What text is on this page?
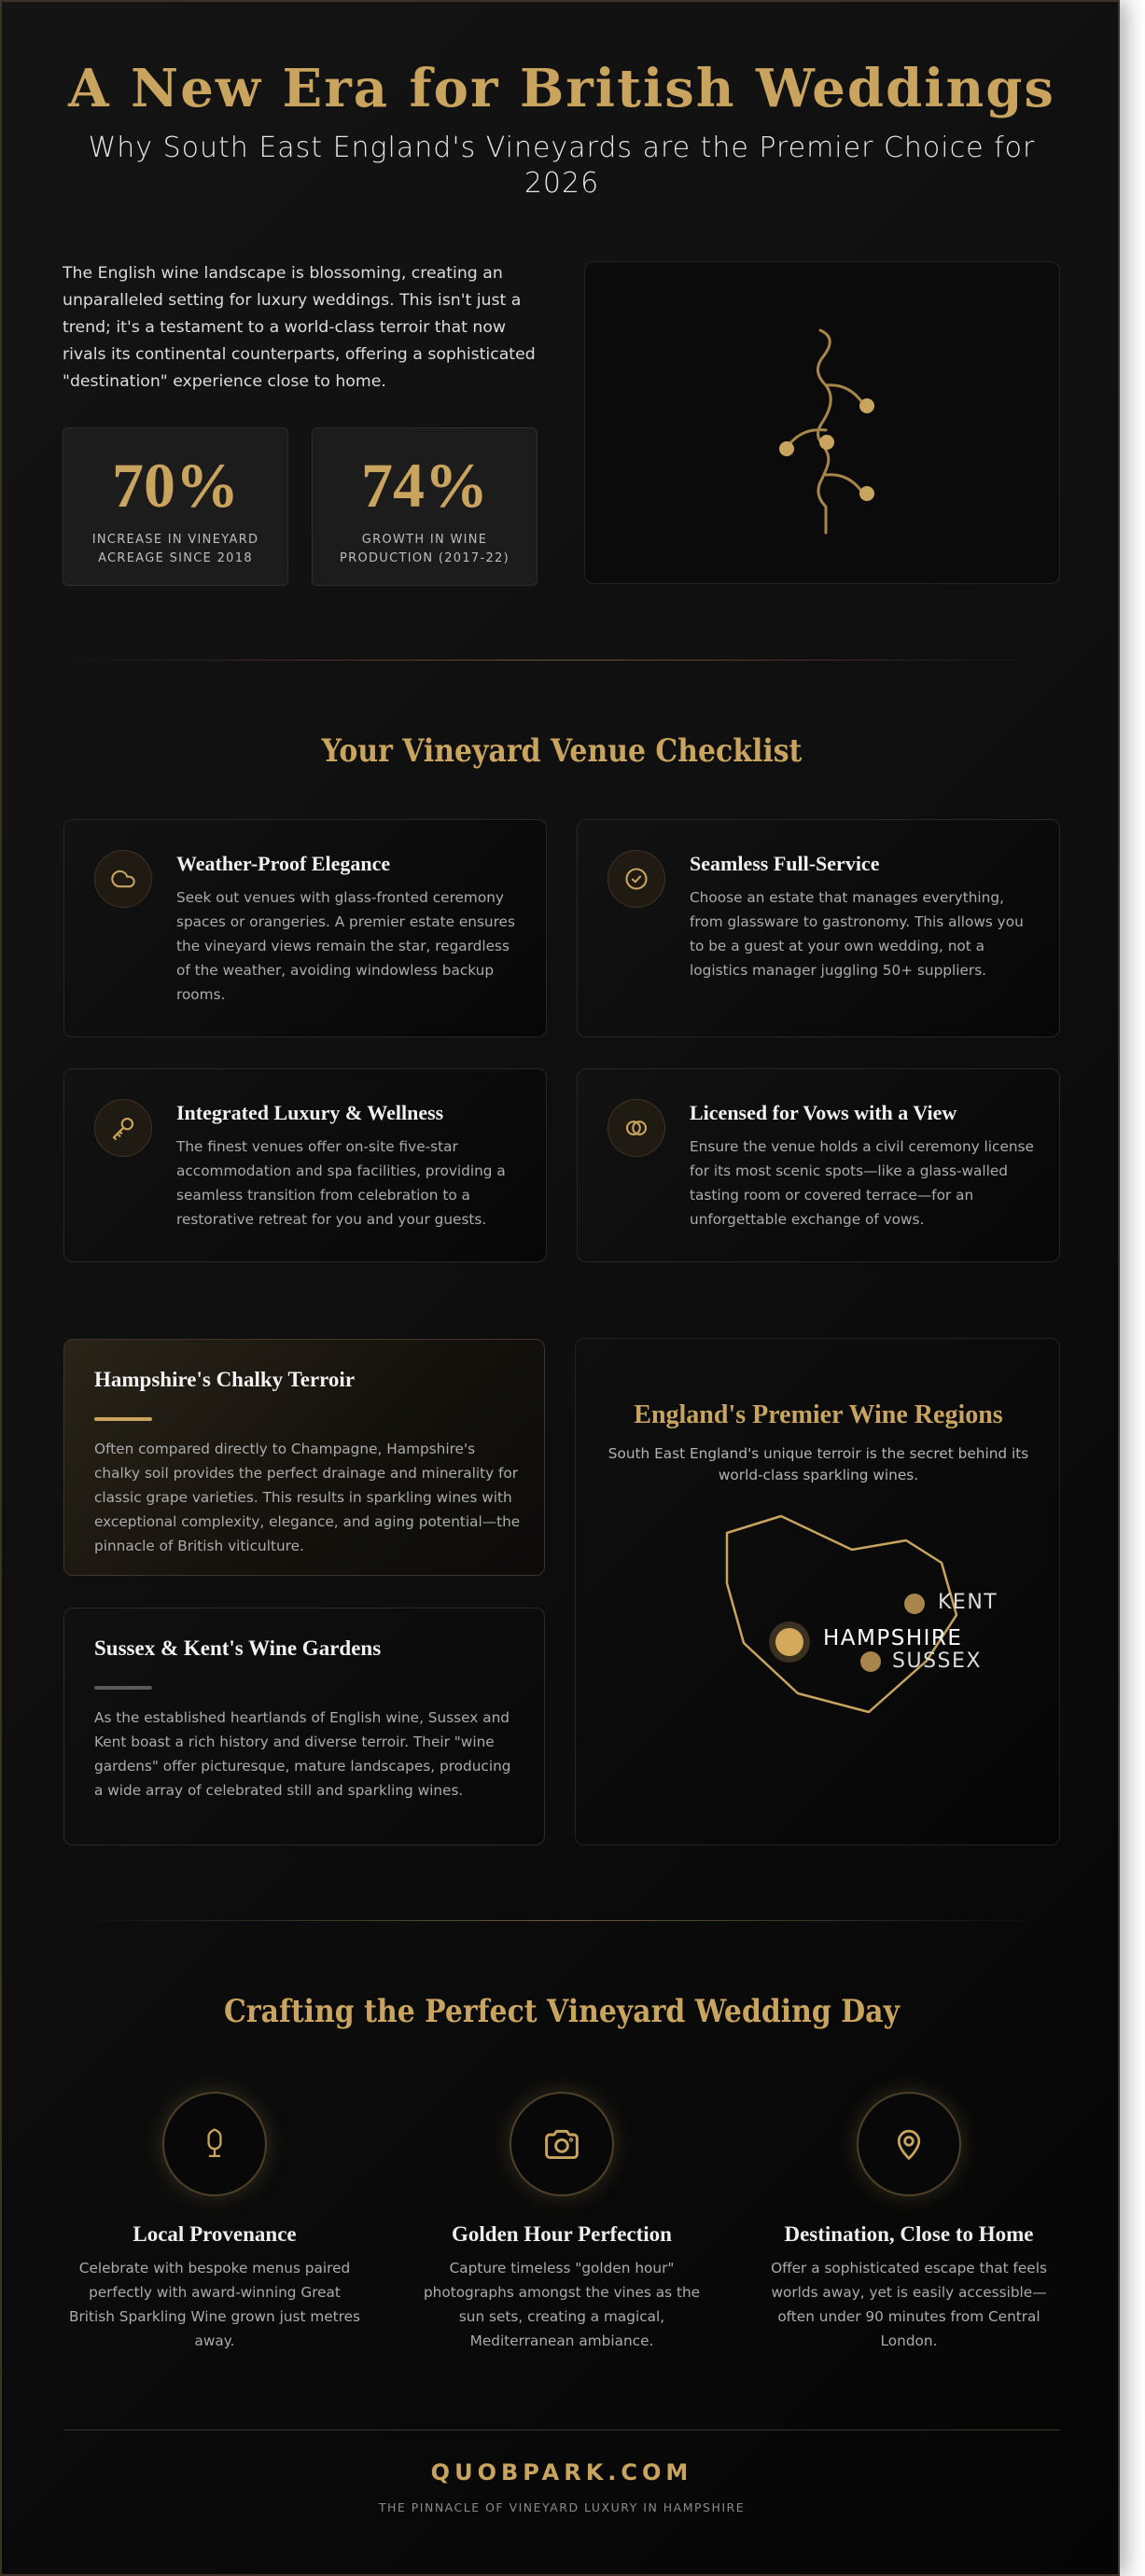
A New Era for British Weddings
Why South East England's Vineyards are the Premier Choice for 2026

The English wine landscape is blossoming, creating an unparalleled setting for luxury weddings. This isn't just a trend; it's a testament to a world-class terroir that now rivals its continental counterparts, offering a sophisticated "destination" experience close to home.

70%
INCREASE IN VINEYARD ACREAGE SINCE 2018
74%
GROWTH IN WINE PRODUCTION (2017-22)
Your Vineyard Venue Checklist
Weather-Proof Elegance

Seek out venues with glass-fronted ceremony spaces or orangeries. A premier estate ensures the vineyard views remain the star, regardless of the weather, avoiding windowless backup rooms.

Seamless Full-Service

Choose an estate that manages everything, from glassware to gastronomy. This allows you to be a guest at your own wedding, not a logistics manager juggling 50+ suppliers.

Integrated Luxury & Wellness

The finest venues offer on-site five-star accommodation and spa facilities, providing a seamless transition from celebration to a restorative retreat for you and your guests.

Licensed for Vows with a View

Ensure the venue holds a civil ceremony license for its most scenic spots—like a glass-walled tasting room or covered terrace—for an unforgettable exchange of vows.

Hampshire's Chalky Terroir

Often compared directly to Champagne, Hampshire's chalky soil provides the perfect drainage and minerality for classic grape varieties. This results in sparkling wines with exceptional complexity, elegance, and aging potential—the pinnacle of British viticulture.

Sussex & Kent's Wine Gardens

As the established heartlands of English wine, Sussex and Kent boast a rich history and diverse terroir. Their "wine gardens" offer picturesque, mature landscapes, producing a wide array of celebrated still and sparkling wines.

England's Premier Wine Regions

South East England's unique terroir is the secret behind its world-class sparkling wines.

KENT
HAMPSHIRE
SUSSEX
Crafting the Perfect Vineyard Wedding Day
Local Provenance

Celebrate with bespoke menus paired perfectly with award-winning Great British Sparkling Wine grown just metres away.

Golden Hour Perfection

Capture timeless "golden hour" photographs amongst the vines as the sun sets, creating a magical, Mediterranean ambiance.

Destination, Close to Home

Offer a sophisticated escape that feels worlds away, yet is easily accessible—often under 90 minutes from Central London.

QUOBPARK.COM
THE PINNACLE OF VINEYARD LUXURY IN HAMPSHIRE
